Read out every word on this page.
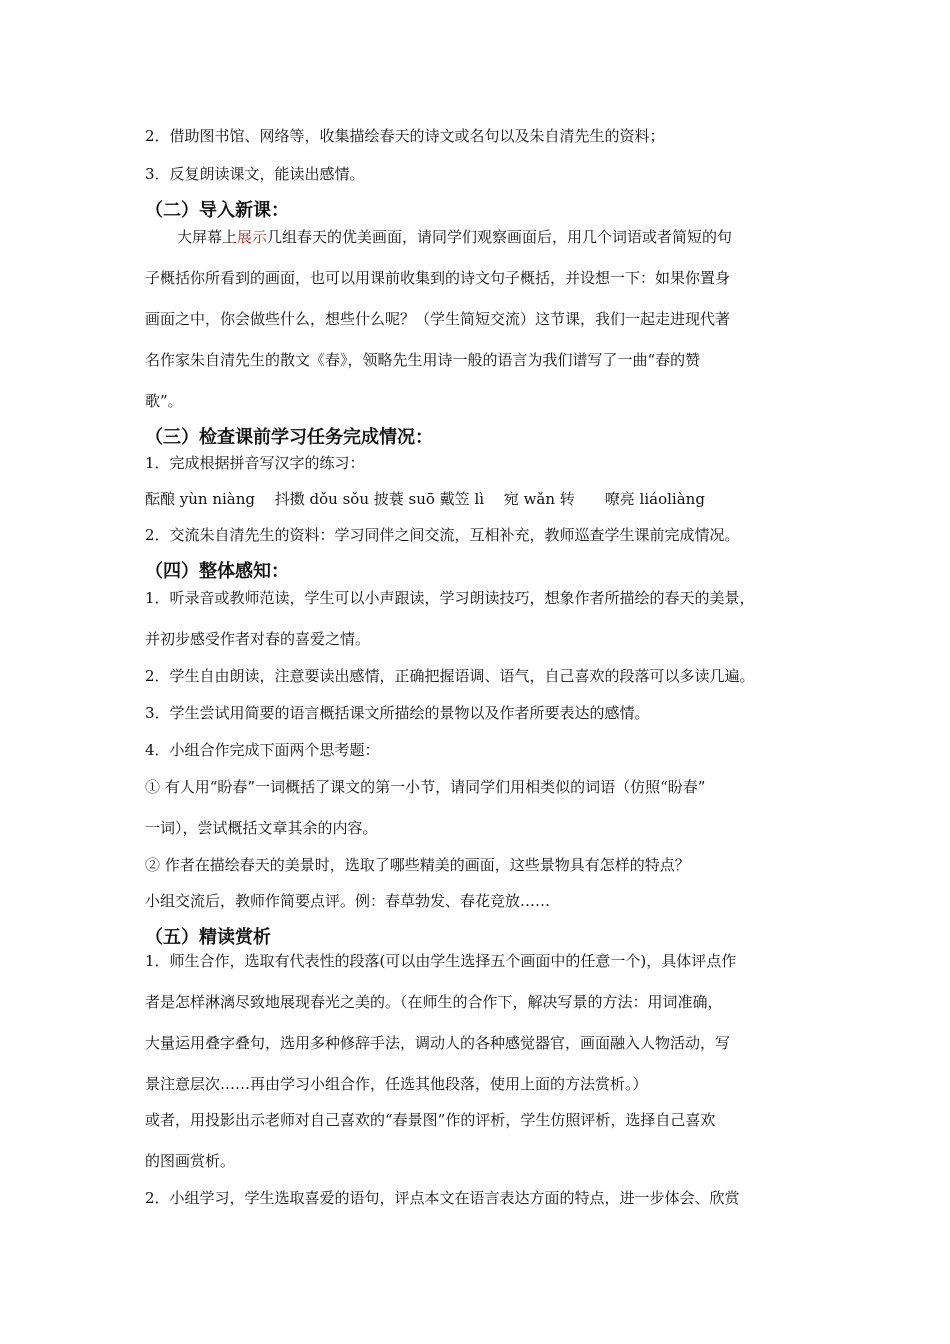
2．借助图书馆、网络等，收集描绘春天的诗文或名句以及朱自清先生的资料；
3．反复朗读课文，能读出感情。
（二）导入新课：
大屏幕上展示几组春天的优美画面，请同学们观察画面后，用几个词语或者简短的句
子概括你所看到的画面，也可以用课前收集到的诗文句子概括，并设想一下：如果你置身
画面之中，你会做些什么，想些什么呢？（学生简短交流）这节课，我们一起走进现代著
名作家朱自清先生的散文《春》，领略先生用诗一般的语言为我们谱写了一曲“春的赞
歌”。
（三）检查课前学习任务完成情况：
1．完成根据拼音写汉字的练习：
酝酿 yùn niàng　 抖擞 dǒu sǒu 披蓑 suō 戴笠 lì　 宛 wǎn 转　　嘹亮 liáoliàng
2．交流朱自清先生的资料：学习同伴之间交流，互相补充，教师巡查学生课前完成情况。
（四）整体感知：
1．听录音或教师范读，学生可以小声跟读，学习朗读技巧，想象作者所描绘的春天的美景，
并初步感受作者对春的喜爱之情。
2．学生自由朗读，注意要读出感情，正确把握语调、语气，自己喜欢的段落可以多读几遍。
3．学生尝试用简要的语言概括课文所描绘的景物以及作者所要表达的感情。
4．小组合作完成下面两个思考题：
① 有人用“盼春”一词概括了课文的第一小节，请同学们用相类似的词语（仿照“盼春”
一词），尝试概括文章其余的内容。
② 作者在描绘春天的美景时，选取了哪些精美的画面，这些景物具有怎样的特点？
小组交流后，教师作简要点评。例：春草勃发、春花竞放……
（五）精读赏析
1．师生合作，选取有代表性的段落(可以由学生选择五个画面中的任意一个)，具体评点作
者是怎样淋漓尽致地展现春光之美的。（在师生的合作下，解决写景的方法：用词准确，
大量运用叠字叠句，选用多种修辞手法，调动人的各种感觉器官，画面融入人物活动，写
景注意层次……再由学习小组合作，任选其他段落，使用上面的方法赏析。）
或者，用投影出示老师对自己喜欢的“春景图”作的评析，学生仿照评析，选择自己喜欢
的图画赏析。
2．小组学习，学生选取喜爱的语句，评点本文在语言表达方面的特点，进一步体会、欣赏
